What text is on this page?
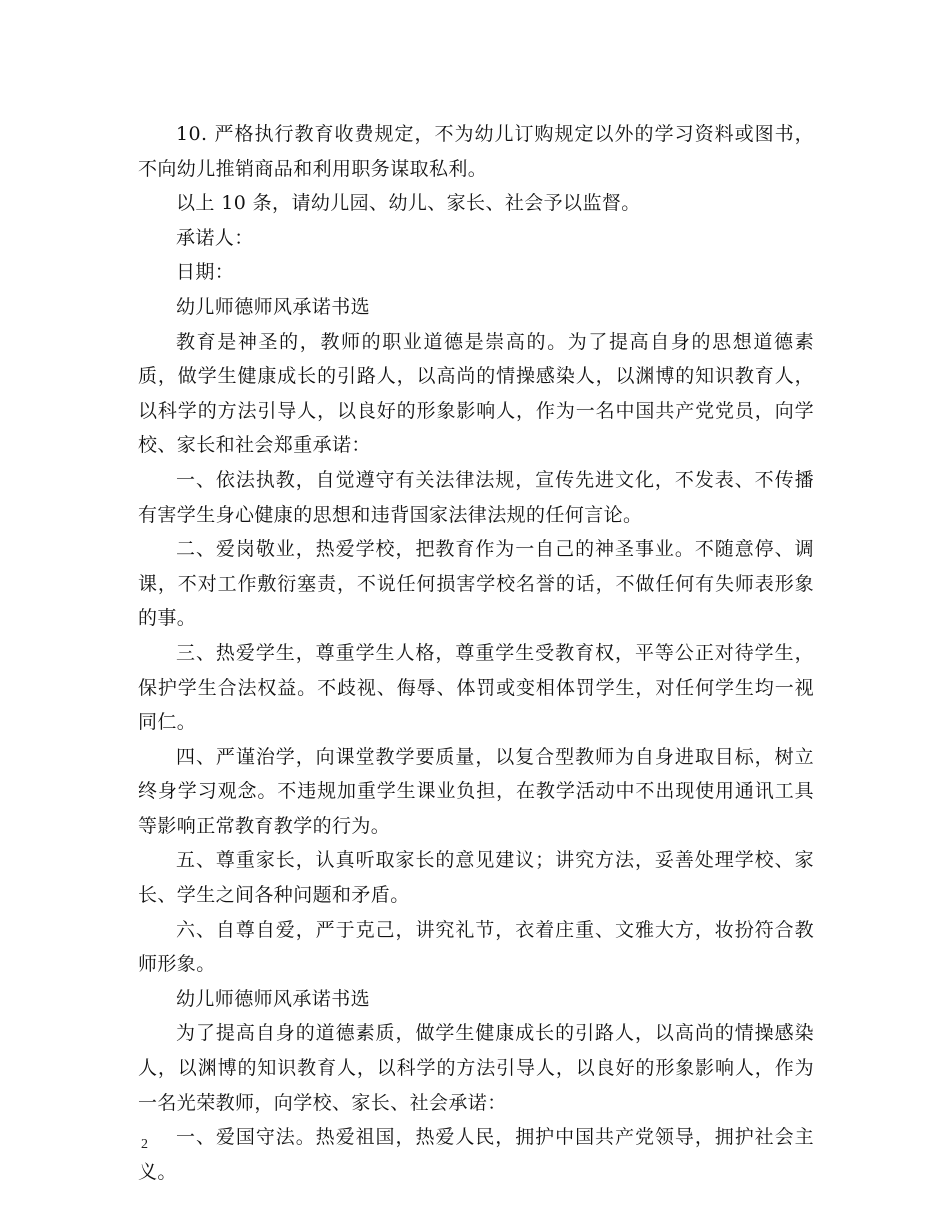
10. 严格执行教育收费规定，不为幼儿订购规定以外的学习资料或图书，不向幼儿推销商品和利用职务谋取私利。

以上 10 条，请幼儿园、幼儿、家长、社会予以监督。

承诺人：

日期：

幼儿师德师风承诺书选

教育是神圣的，教师的职业道德是崇高的。为了提高自身的思想道德素质，做学生健康成长的引路人，以高尚的情操感染人，以渊博的知识教育人，以科学的方法引导人，以良好的形象影响人，作为一名中国共产党党员，向学校、家长和社会郑重承诺：

一、依法执教，自觉遵守有关法律法规，宣传先进文化，不发表、不传播有害学生身心健康的思想和违背国家法律法规的任何言论。

二、爱岗敬业，热爱学校，把教育作为一自己的神圣事业。不随意停、调课，不对工作敷衍塞责，不说任何损害学校名誉的话，不做任何有失师表形象的事。

三、热爱学生，尊重学生人格，尊重学生受教育权，平等公正对待学生，保护学生合法权益。不歧视、侮辱、体罚或变相体罚学生，对任何学生均一视同仁。

四、严谨治学，向课堂教学要质量，以复合型教师为自身进取目标，树立终身学习观念。不违规加重学生课业负担，在教学活动中不出现使用通讯工具等影响正常教育教学的行为。

五、尊重家长，认真听取家长的意见建议；讲究方法，妥善处理学校、家长、学生之间各种问题和矛盾。

六、自尊自爱，严于克己，讲究礼节，衣着庄重、文雅大方，妆扮符合教师形象。

幼儿师德师风承诺书选

为了提高自身的道德素质，做学生健康成长的引路人，以高尚的情操感染人，以渊博的知识教育人，以科学的方法引导人，以良好的形象影响人，作为一名光荣教师，向学校、家长、社会承诺：

一、爱国守法。热爱祖国，热爱人民，拥护中国共产党领导，拥护社会主义。

2
